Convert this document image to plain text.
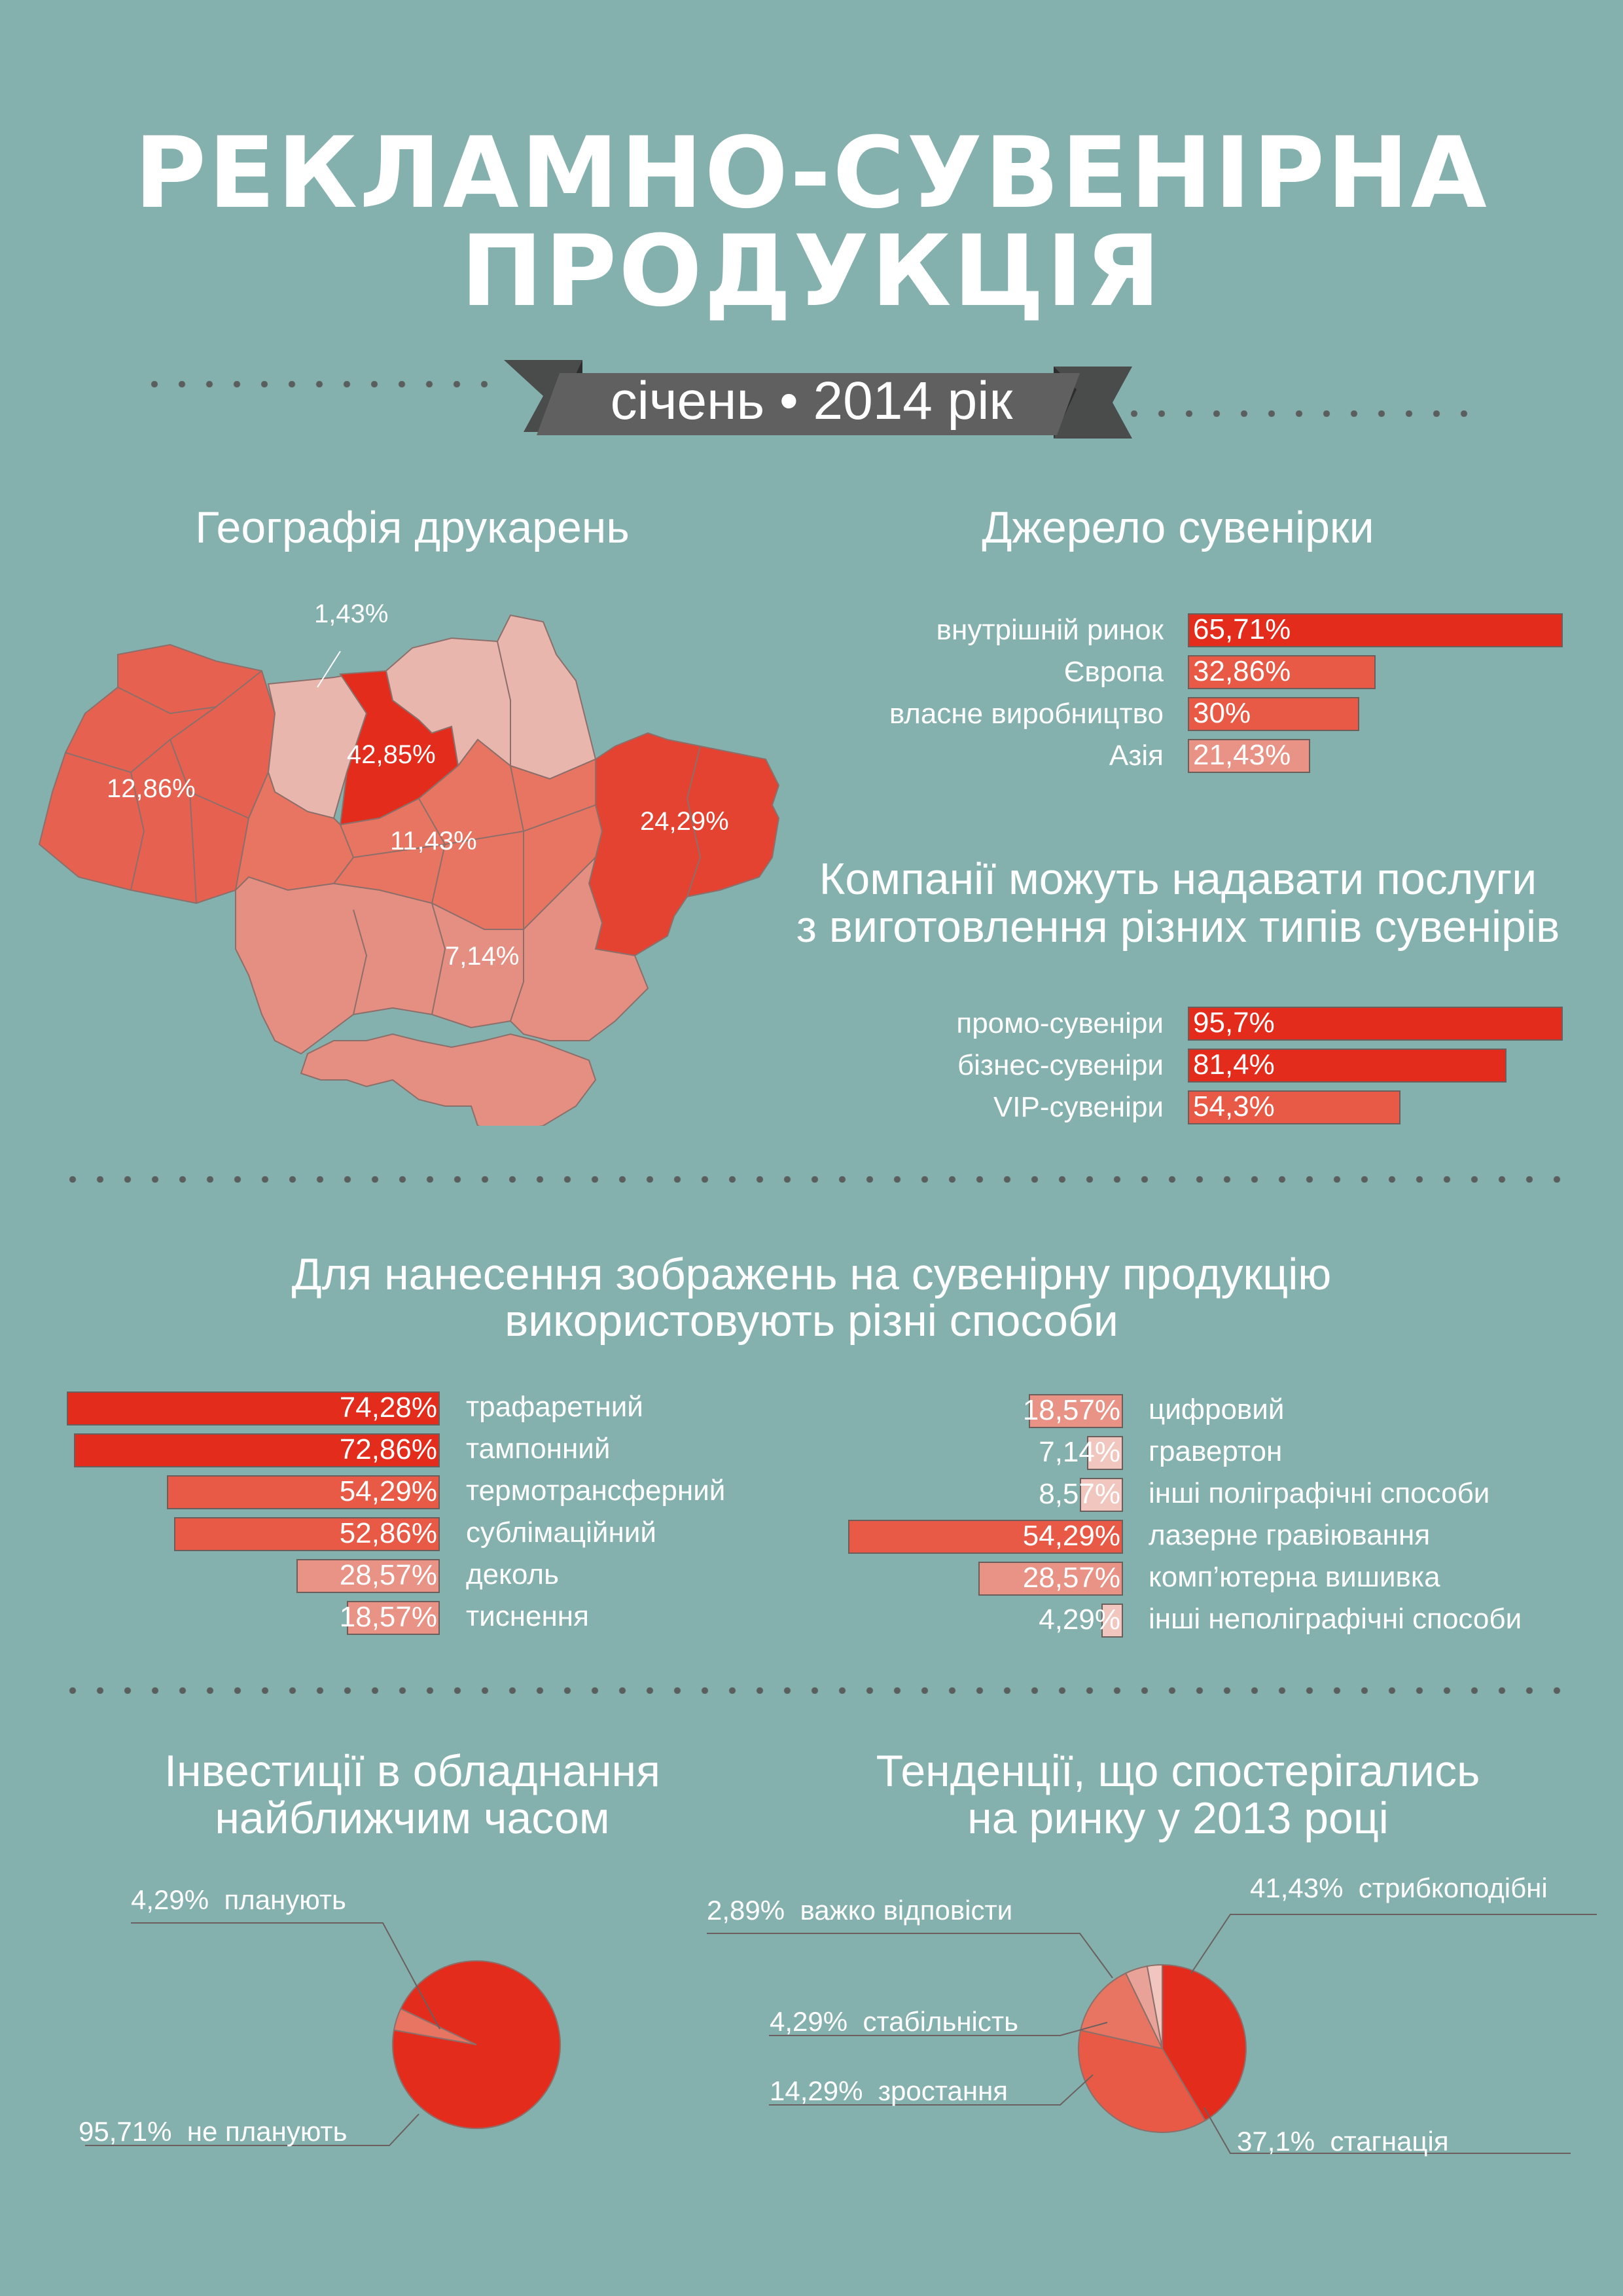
РЕКЛАМНО-СУВЕНІРНА
ПРОДУКЦІЯ
січень • 2014 рік
Географія друкарень
1,43%
42,85%
12,86%
11,43%
24,29%
7,14%
Джерело сувенірки
Компанії можуть надавати послуги
з виготовлення різних типів сувенірів
Для нанесення зображень на сувенірну продукцію
використовують різні способи
Інвестиції в обладнання
найближчим часом
4,29% планують
95,71% не планують
Тенденції, що спостерігались
на ринку у 2013 році
2,89% важко відповісти
41,43% стрибкоподібні
4,29% стабільність
14,29% зростання
37,1% стагнація
внутрішній ринок 65,71%
Європа 32,86%
власне виробництво 30%
Азія 21,43%
промо-сувеніри 95,7%
бізнес-сувеніри 81,4%
VIP-сувеніри 54,3%
74,28% трафаретний
72,86% тампонний
54,29% термотрансферний
52,86% сублімаційний
28,57% деколь
18,57% тиснення
18,57% цифровий
7,14% гравертон
8,57% інші поліграфічні способи
54,29% лазерне гравіювання
28,57% комп’ютерна вишивка
4,29% інші неполіграфічні способи
